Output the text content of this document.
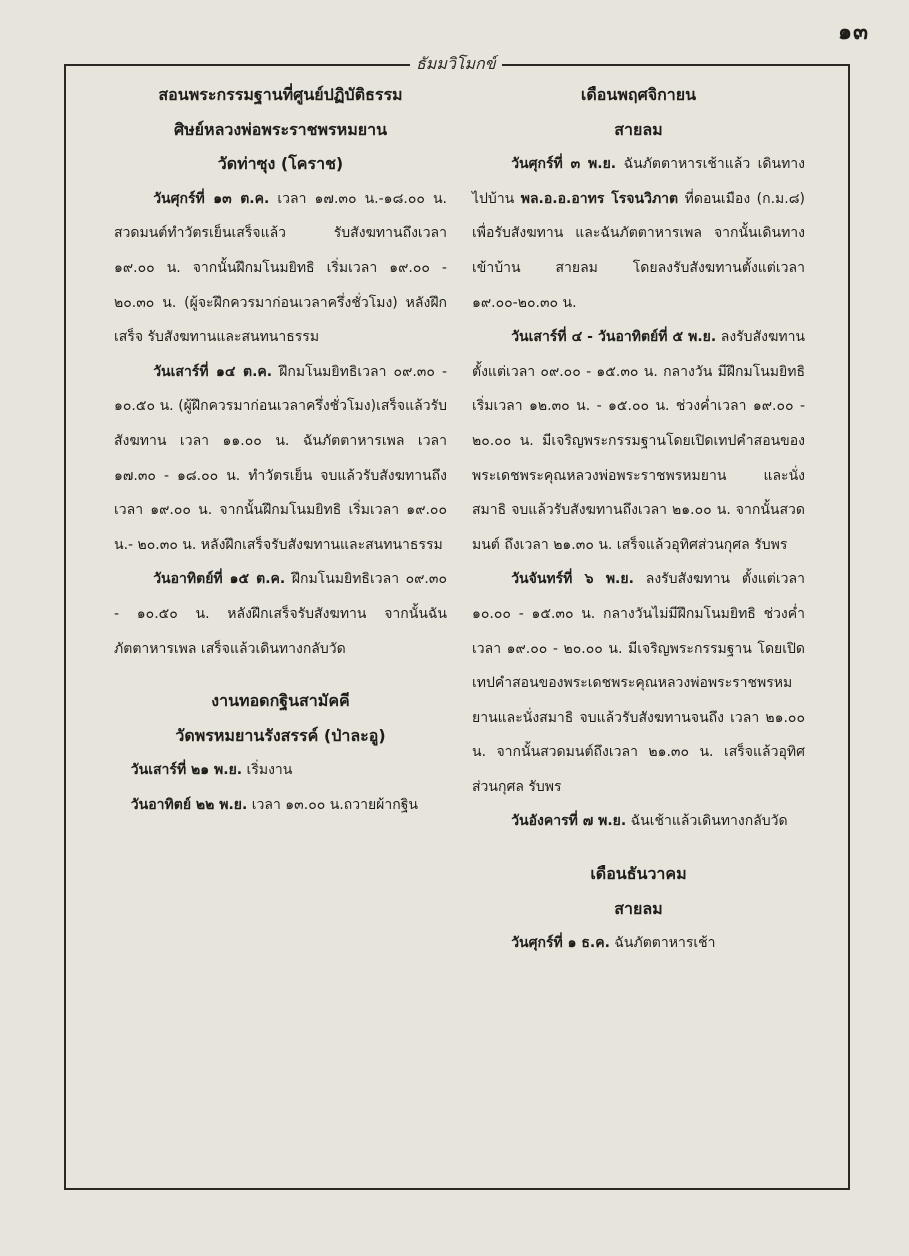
๑๓
ธัมมวิโมกข์
สอนพระกรรมฐานที่ศูนย์ปฏิบัติธรรม
ศิษย์หลวงพ่อพระราชพรหมยาน
วัดท่าซุง (โคราช)

วันศุกร์ที่ ๑๓ ต.ค. เวลา ๑๗.๓๐ น.-๑๘.๐๐ น. สวดมนต์ทำวัตรเย็นเสร็จแล้ว รับสังฆทานถึงเวลา ๑๙.๐๐ น. จากนั้นฝึกมโนมยิทธิ เริ่มเวลา ๑๙.๐๐ - ๒๐.๓๐ น. (ผู้จะฝึกควรมาก่อนเวลาครึ่งชั่วโมง) หลังฝึกเสร็จ รับสังฆทานและสนทนาธรรม

วันเสาร์ที่ ๑๔ ต.ค. ฝึกมโนมยิทธิเวลา ๐๙.๓๐ - ๑๐.๕๐ น. (ผู้ฝึกควรมาก่อนเวลาครึ่งชั่วโมง)เสร็จแล้วรับสังฆทาน เวลา ๑๑.๐๐ น. ฉันภัตตาหารเพล เวลา ๑๗.๓๐ - ๑๘.๐๐ น. ทำวัตรเย็น จบแล้วรับสังฆทานถึงเวลา ๑๙.๐๐ น. จากนั้นฝึกมโนมยิทธิ เริ่มเวลา ๑๙.๐๐ น.- ๒๐.๓๐ น. หลังฝึกเสร็จรับสังฆทานและสนทนาธรรม

วันอาทิตย์ที่ ๑๕ ต.ค. ฝึกมโนมยิทธิเวลา ๐๙.๓๐ - ๑๐.๕๐ น. หลังฝึกเสร็จรับสังฆทาน จากนั้นฉันภัตตาหารเพล เสร็จแล้วเดินทางกลับวัด

งานทอดกฐินสามัคคี
วัดพรหมยานรังสรรค์ (ป่าละอู)

วันเสาร์ที่ ๒๑ พ.ย. เริ่มงาน

วันอาทิตย์ ๒๒ พ.ย. เวลา ๑๓.๐๐ น.ถวายผ้ากฐิน

เดือนพฤศจิกายน
สายลม

วันศุกร์ที่ ๓ พ.ย. ฉันภัตตาหารเช้าแล้ว เดินทางไปบ้าน พล.อ.อ.อาทร โรจนวิภาต ที่ดอนเมือง (ก.ม.๘) เพื่อรับสังฆทาน และฉันภัตตาหารเพล จากนั้นเดินทางเข้าบ้าน สายลม โดยลงรับสังฆทานตั้งแต่เวลา ๑๙.๐๐-๒๐.๓๐ น.

วันเสาร์ที่ ๔ - วันอาทิตย์ที่ ๕ พ.ย. ลงรับสังฆทานตั้งแต่เวลา ๐๙.๐๐ - ๑๕.๓๐ น. กลางวัน มีฝึกมโนมยิทธิ เริ่มเวลา ๑๒.๓๐ น. - ๑๕.๐๐ น. ช่วงค่ำเวลา ๑๙.๐๐ - ๒๐.๐๐ น. มีเจริญพระกรรมฐานโดยเปิดเทปคำสอนของพระเดชพระคุณหลวงพ่อพระราชพรหมยาน และนั่งสมาธิ จบแล้วรับสังฆทานถึงเวลา ๒๑.๐๐ น. จากนั้นสวดมนต์ ถึงเวลา ๒๑.๓๐ น. เสร็จแล้วอุทิศส่วนกุศล รับพร

วันจันทร์ที่ ๖ พ.ย. ลงรับสังฆทาน ตั้งแต่เวลา ๑๐.๐๐ - ๑๕.๓๐ น. กลางวันไม่มีฝึกมโนมยิทธิ ช่วงค่ำเวลา ๑๙.๐๐ - ๒๐.๐๐ น. มีเจริญพระกรรมฐาน โดยเปิดเทปคำสอนของพระเดชพระคุณหลวงพ่อพระราชพรหมยานและนั่งสมาธิ จบแล้วรับสังฆทานจนถึง เวลา ๒๑.๐๐ น. จากนั้นสวดมนต์ถึงเวลา ๒๑.๓๐ น. เสร็จแล้วอุทิศส่วนกุศล รับพร

วันอังคารที่ ๗ พ.ย. ฉันเช้าแล้วเดินทางกลับวัด

เดือนธันวาคม
สายลม

วันศุกร์ที่ ๑ ธ.ค. ฉันภัตตาหารเช้า
